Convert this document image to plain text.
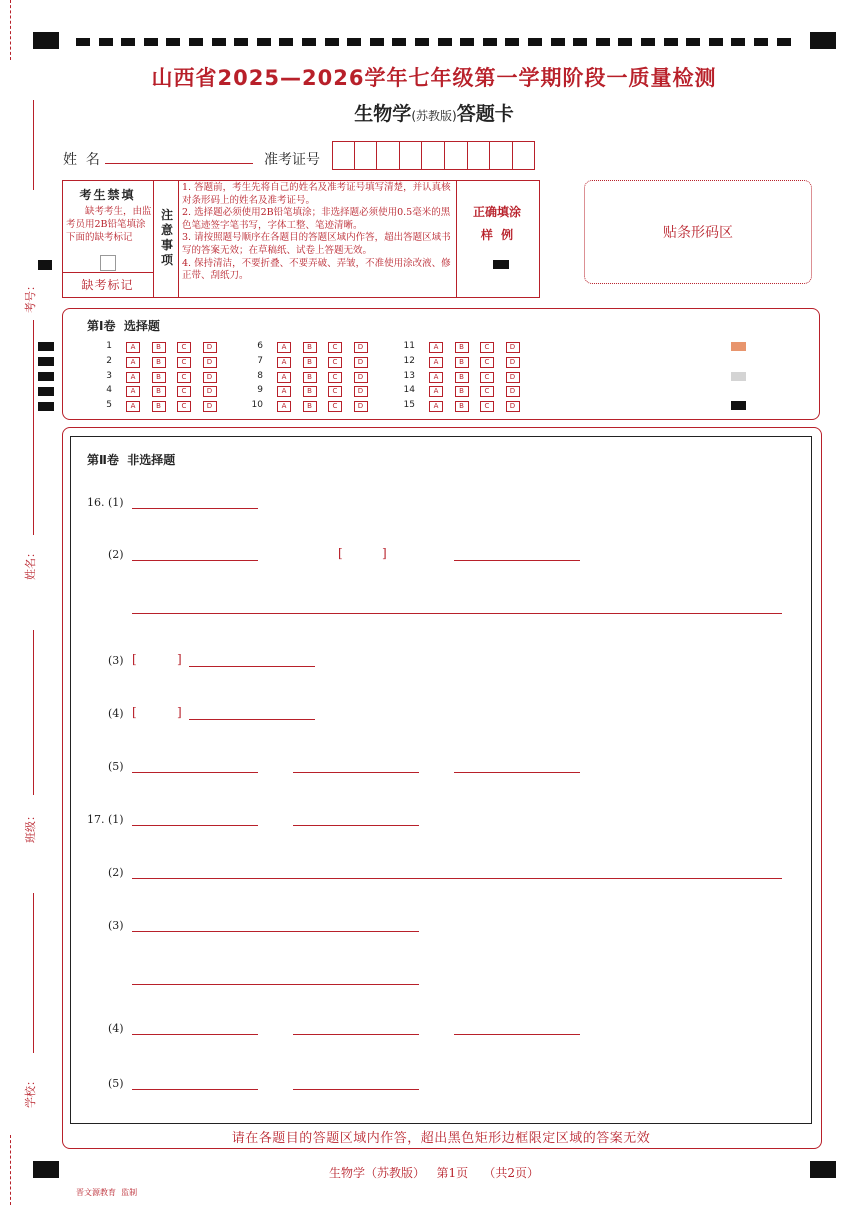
山西省2025—2026学年七年级第一学期阶段一质量检测
生物学(苏教版)答题卡
考号：
姓名：
班级：
学校：
姓  名	准考证号
考生禁填
缺考考生，由监考员用2B铅笔填涂下面的缺考标记
缺考标记
注
意
事
项
1. 答题前，考生先将自己的姓名及准考证号填写清楚，并认真核对条形码上的姓名及准考证号。
2. 选择题必须使用2B铅笔填涂；非选择题必须使用0.5毫米的黑色笔迹签字笔书写，字体工整、笔迹清晰。
3. 请按照题号顺序在各题目的答题区域内作答，超出答题区域书写的答案无效；在草稿纸、试卷上答题无效。
4. 保持清洁，不要折叠、不要弄破、弄皱，不准使用涂改液、修正带、刮纸刀。
正确填涂
样  例	贴条形码区
第Ⅰ卷  选择题
1	A	B	C	D
2	A	B	C	D
3	A	B	C	D
4	A	B	C	D
5	A	B	C	D
6	A	B	C	D
7	A	B	C	D
8	A	B	C	D
9	A	B	C	D
10	A	B	C	D
11	A	B	C	D
12	A	B	C	D
13	A	B	C	D
14	A	B	C	D
15	A	B	C	D
第Ⅱ卷  非选择题
16. (1)
(2)	[	]
(3) [	]
(4) [	]
(5)
17. (1)
(2)
(3)
(4)
(5)
请在各题目的答题区域内作答，超出黑色矩形边框限定区域的答案无效
生物学（苏教版）   第1页    （共2页）
晋文源教育  监制
